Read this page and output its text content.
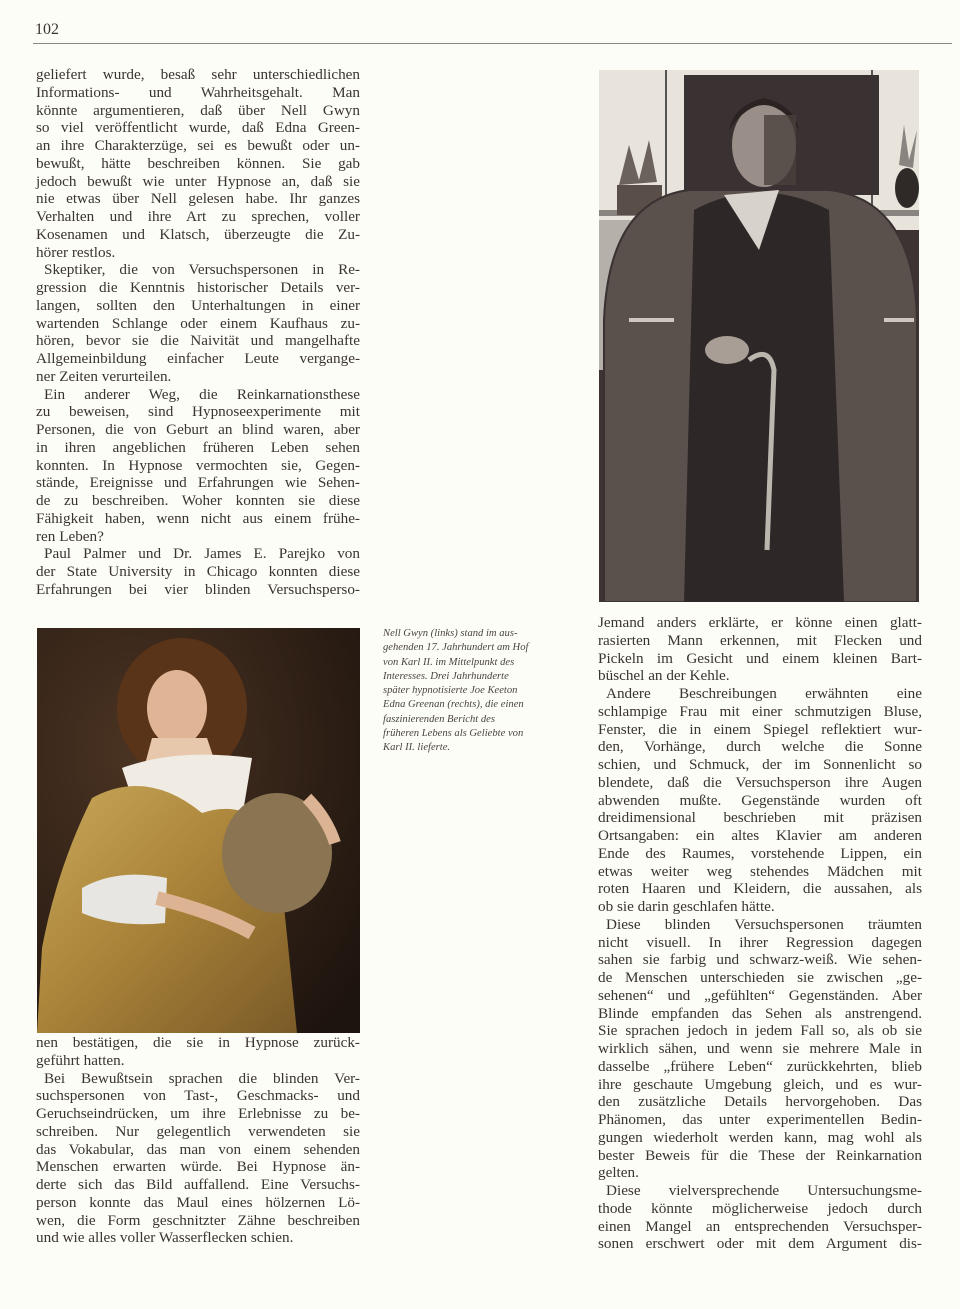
102
geliefert wurde, besaß sehr unterschiedlichen
Informations- und Wahrheitsgehalt. Man
könnte argumentieren, daß über Nell Gwyn
so viel veröffentlicht wurde, daß Edna Green-
an ihre Charakterzüge, sei es bewußt oder un-
bewußt, hätte beschreiben können. Sie gab
jedoch bewußt wie unter Hypnose an, daß sie
nie etwas über Nell gelesen habe. Ihr ganzes
Verhalten und ihre Art zu sprechen, voller
Kosenamen und Klatsch, überzeugte die Zu-
hörer restlos.
Skeptiker, die von Versuchspersonen in Re-
gression die Kenntnis historischer Details ver-
langen, sollten den Unterhaltungen in einer
wartenden Schlange oder einem Kaufhaus zu-
hören, bevor sie die Naivität und mangelhafte
Allgemeinbildung einfacher Leute vergange-
ner Zeiten verurteilen.
Ein anderer Weg, die Reinkarnationsthese
zu beweisen, sind Hypnoseexperimente mit
Personen, die von Geburt an blind waren, aber
in ihren angeblichen früheren Leben sehen
konnten. In Hypnose vermochten sie, Gegen-
stände, Ereignisse und Erfahrungen wie Sehen-
de zu beschreiben. Woher konnten sie diese
Fähigkeit haben, wenn nicht aus einem frühe-
ren Leben?
Paul Palmer und Dr. James E. Parejko von
der State University in Chicago konnten diese
Erfahrungen bei vier blinden Versuchsperso-
Nell Gwyn (links) stand im aus-
gehenden 17. Jahrhundert am Hof
von Karl II. im Mittelpunkt des
Interesses. Drei Jahrhunderte
später hypnotisierte Joe Keeton
Edna Greenan (rechts), die einen
faszinierenden Bericht des
früheren Lebens als Geliebte von
Karl II. lieferte.
Jemand anders erklärte, er könne einen glatt-
rasierten Mann erkennen, mit Flecken und
Pickeln im Gesicht und einem kleinen Bart-
büschel an der Kehle.
Andere Beschreibungen erwähnten eine
schlampige Frau mit einer schmutzigen Bluse,
Fenster, die in einem Spiegel reflektiert wur-
den, Vorhänge, durch welche die Sonne
schien, und Schmuck, der im Sonnenlicht so
blendete, daß die Versuchsperson ihre Augen
abwenden mußte. Gegenstände wurden oft
dreidimensional beschrieben mit präzisen
Ortsangaben: ein altes Klavier am anderen
Ende des Raumes, vorstehende Lippen, ein
etwas weiter weg stehendes Mädchen mit
roten Haaren und Kleidern, die aussahen, als
ob sie darin geschlafen hätte.
Diese blinden Versuchspersonen träumten
nicht visuell. In ihrer Regression dagegen
sahen sie farbig und schwarz-weiß. Wie sehen-
de Menschen unterschieden sie zwischen „ge-
sehenen“ und „gefühlten“ Gegenständen. Aber
Blinde empfanden das Sehen als anstrengend.
Sie sprachen jedoch in jedem Fall so, als ob sie
wirklich sähen, und wenn sie mehrere Male in
dasselbe „frühere Leben“ zurückkehrten, blieb
ihre geschaute Umgebung gleich, und es wur-
den zusätzliche Details hervorgehoben. Das
Phänomen, das unter experimentellen Bedin-
gungen wiederholt werden kann, mag wohl als
bester Beweis für die These der Reinkarnation
gelten.
Diese vielversprechende Untersuchungsme-
thode könnte möglicherweise jedoch durch
einen Mangel an entsprechenden Versuchsper-
sonen erschwert oder mit dem Argument dis-
nen bestätigen, die sie in Hypnose zurück-
geführt hatten.
Bei Bewußtsein sprachen die blinden Ver-
suchspersonen von Tast-, Geschmacks- und
Geruchseindrücken, um ihre Erlebnisse zu be-
schreiben. Nur gelegentlich verwendeten sie
das Vokabular, das man von einem sehenden
Menschen erwarten würde. Bei Hypnose än-
derte sich das Bild auffallend. Eine Versuchs-
person konnte das Maul eines hölzernen Lö-
wen, die Form geschnitzter Zähne beschreiben
und wie alles voller Wasserflecken schien.
